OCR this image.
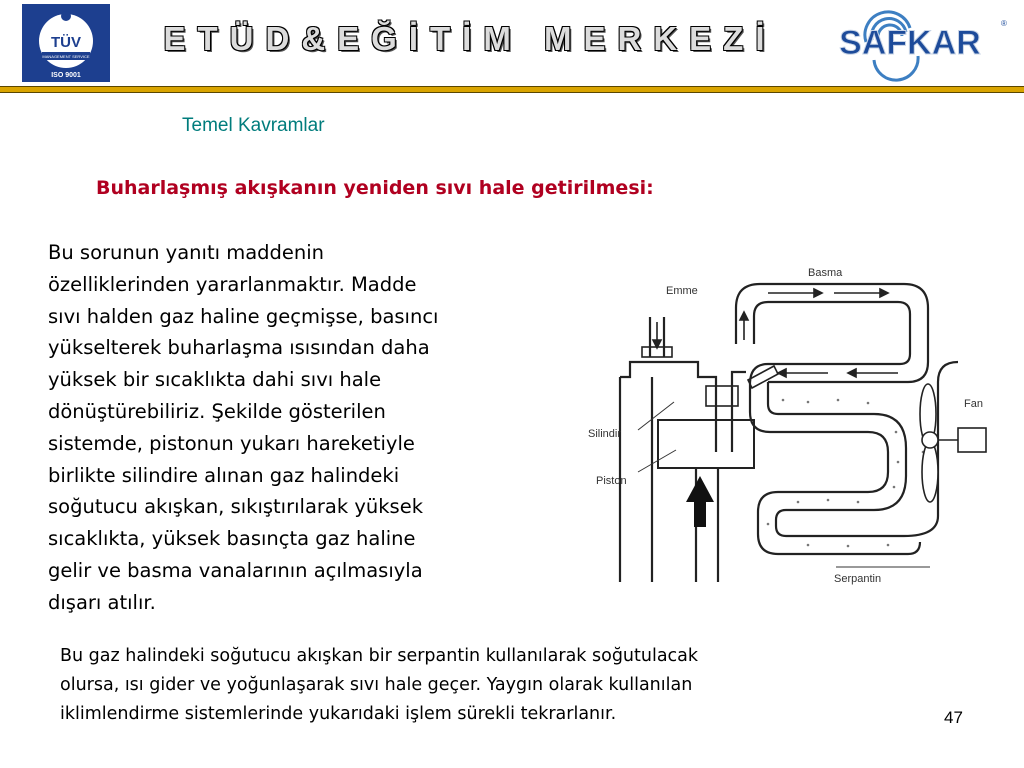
TÜV
MANAGEMENT SERVICE
ISO 9001
ETÜD&EĞİTİM MERKEZİ	SAFKAR
®
Temel Kavramlar
Buharlaşmış akışkanın yeniden sıvı hale getirilmesi:

Bu sorunun yanıtı maddenin
özelliklerinden yararlanmaktır. Madde
sıvı halden gaz haline geçmişse, basıncı
yükselterek buharlaşma ısısından daha
yüksek bir sıcaklıkta dahi sıvı hale
dönüştürebiliriz. Şekilde gösterilen
sistemde, pistonun yukarı hareketiyle
birlikte silindire alınan gaz halindeki
soğutucu akışkan, sıkıştırılarak yüksek
sıcaklıkta, yüksek basınçta gaz haline
gelir ve basma vanalarının açılmasıyla
dışarı atılır.

Emme
Basma
Fan
Silindir
Piston
Serpantin

Bu gaz halindeki soğutucu akışkan bir serpantin kullanılarak soğutulacak
olursa, ısı gider ve yoğunlaşarak sıvı hale geçer. Yaygın olarak kullanılan
iklimlendirme sistemlerinde yukarıdaki işlem sürekli tekrarlanır.	47
